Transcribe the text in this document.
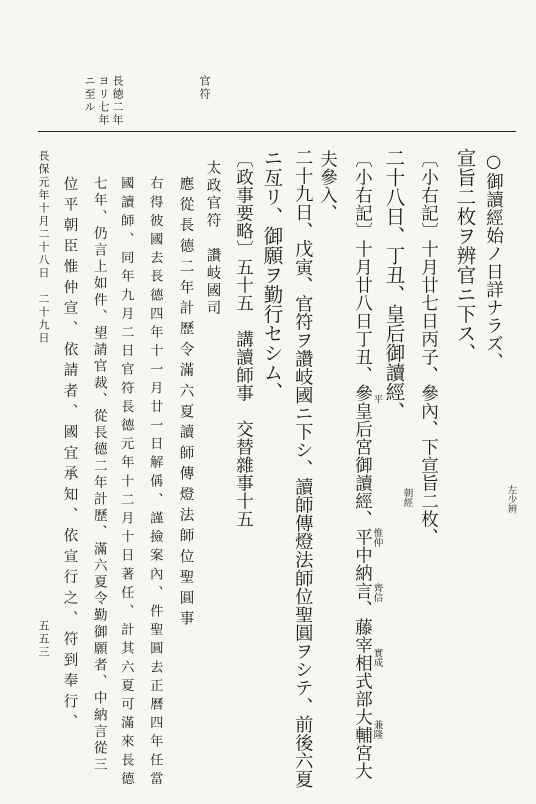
官符
長徳二年
ヨリ七年
ニ至ル
長保元年十月二十八日　二十九日
五五三
○御讀經始ノ日詳ナラズ、
宣旨二枚ヲ辨官ニ下ス、
〔小右記〕十月廿七日丙子、參內、下宣旨二枚、
二十八日、丁丑、皇后御讀經、
〔小右記〕十月廿八日丁丑、參皇后宮御讀經、平中納言、藤宰相式部大輔宮大
夫參入、
二十九日、戊寅、官符ヲ讚岐國ニ下シ、讀師傳燈法師位聖圓ヲシテ、前後六夏
ニ亙リ、御願ヲ勤行セシム、
〔政事要略〕五十五　講讀師事　交替雜事十五
太政官符　讚岐國司
應從長德二年計歷令滿六夏讀師傳燈法師位聖圓事
右得彼國去長德四年十一月廿一日解偁、謹撿案內、件聖圓去正曆四年任當
國讀師、同年九月二日官符長德元年十二月十日著任、計其六夏可滿來長德
七年、仍言上如件、望請官裁、從長德二年計歷、滿六夏令勤御願者、中納言從三
位平朝臣惟仲宣、依請者、國宜承知、依宣行之、符到奉行、	左少辨
朝經
齊信
實成
惟仲
平
兼隆
